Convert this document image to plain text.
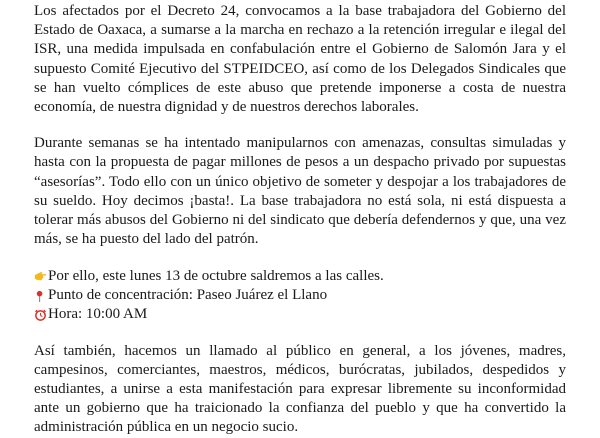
Los afectados por el Decreto 24, convocamos a la base trabajadora del Gobierno del Estado de Oaxaca, a sumarse a la marcha en rechazo a la retención irregular e ilegal del ISR, una medida impulsada en confabulación entre el Gobierno de Salomón Jara y el supuesto Comité Ejecutivo del STPEIDCEO, así como de los Delegados Sindicales que se han vuelto cómplices de este abuso que pretende imponerse a costa de nuestra economía, de nuestra dignidad y de nuestros derechos laborales.

Durante semanas se ha intentado manipularnos con amenazas, consultas simuladas y hasta con la propuesta de pagar millones de pesos a un despacho privado por supuestas “asesorías”. Todo ello con un único objetivo de someter y despojar a los trabajadores de su sueldo. Hoy decimos ¡basta!. La base trabajadora no está sola, ni está dispuesta a tolerar más abusos del Gobierno ni del sindicato que debería defendernos y que, una vez más, se ha puesto del lado del patrón.

Por ello, este lunes 13 de octubre saldremos a las calles.
Punto de concentración: Paseo Juárez el Llano
Hora: 10:00 AM

Así también, hacemos un llamado al público en general, a los jóvenes, madres, campesinos, comerciantes, maestros, médicos, burócratas, jubilados, despedidos y estudiantes, a unirse a esta manifestación para expresar libremente su inconformidad ante un gobierno que ha traicionado la confianza del pueblo y que ha convertido la administración pública en un negocio sucio.
